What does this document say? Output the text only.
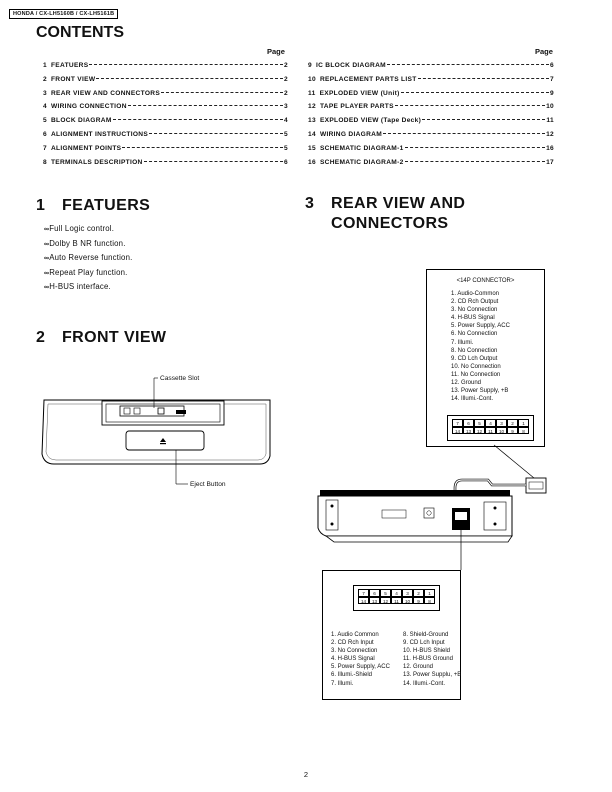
HONDA / CX-LH5160B / CX-LH5161B
CONTENTS
Page	Page
1 FEATUERS	2
2 FRONT VIEW	2
3 REAR VIEW AND CONNECTORS	2
4 WIRING CONNECTION	3
5 BLOCK DIAGRAM	4
6 ALIGNMENT INSTRUCTIONS	5
7 ALIGNMENT POINTS	5
8 TERMINALS DESCRIPTION	6
9 IC BLOCK DIAGRAM	6
10 REPLACEMENT PARTS LIST	7
11 EXPLODED VIEW (Unit)	9
12 TAPE PLAYER PARTS	10
13 EXPLODED VIEW (Tape Deck)	11
14 WIRING DIAGRAM	12
15 SCHEMATIC DIAGRAM-1	16
16 SCHEMATIC DIAGRAM-2	17
1 FEATUERS
∞Full Logic control.
∞Dolby B NR function.
∞Auto Reverse function.
∞Repeat Play function.
∞H-BUS interface.
2 FRONT VIEW
Cassette Slot
Eject Button
3 REAR VIEW AND
CONNECTORS
<14P CONNECTOR>
1. Audio-Common
2. CD Rch Output
3. No Connection
4. H-BUS Signal
5. Power Supply, ACC
6. No Connection
7. Illumi.
8. No Connection
9. CD Lch Output
10. No Connection
11. No Connection
12. Ground
13. Power Supply, +B
14. Illumi.-Cont.
7	6	5	4	3	2	1
14	13	12	11	10	9	8
7	6	5	4	3	2	1
14	13	12	11	10	9	8
1. Audio Common
2. CD Rch Input
3. No Connection
4. H-BUS Signal
5. Power Supply, ACC
6. Illumi.-Shield
7. Illumi.
8. Shield-Ground
9. CD Lch Input
10. H-BUS Shield
11. H-BUS Ground
12. Ground
13. Power Supplu, +B
14. Illumi.-Cont.
2
